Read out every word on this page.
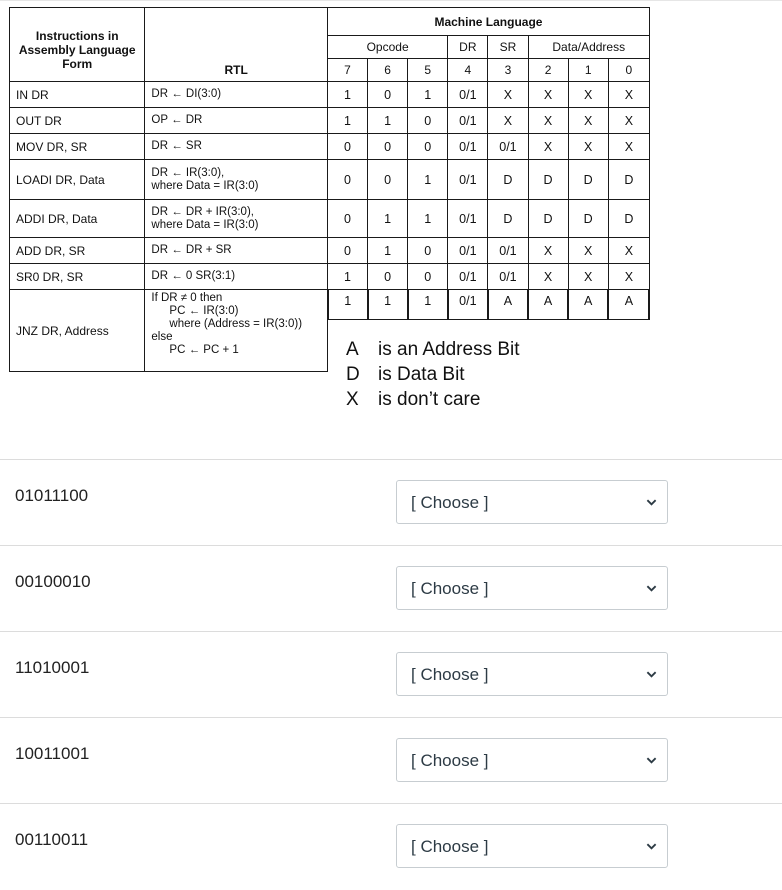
Instructions in Assembly Language Form	RTL	Machine Language							
		Opcode			DR	SR	Data/Address		
		7	6	5	4	3	2	1	0
IN DR	DR ← DI(3:0)	1	0	1	0/1	X	X	X	X
OUT DR	OP ← DR	1	1	0	0/1	X	X	X	X
MOV DR, SR	DR ← SR	0	0	0	0/1	0/1	X	X	X
LOADI DR, Data	DR ← IR(3:0),
where Data = IR(3:0)	0	0	1	0/1	D	D	D	D
ADDI DR, Data	DR ← DR + IR(3:0),
where Data = IR(3:0)	0	1	1	0/1	D	D	D	D
ADD DR, SR	DR ← DR + SR	0	1	0	0/1	0/1	X	X	X
SR0 DR, SR	DR ← 0 SR(3:1)	1	0	0	0/1	0/1	X	X	X
JNZ DR, Address	If DR ≠ 0 then
PC ← IR(3:0)
where (Address = IR(3:0))
else
PC ← PC + 1	1	1	1	0/1	A	A	A	A
A is an Address Bit
D is Data Bit
X is don’t care
01011100	[ Choose ]
00100010	[ Choose ]
11010001	[ Choose ]
10011001	[ Choose ]
00110011	[ Choose ]
